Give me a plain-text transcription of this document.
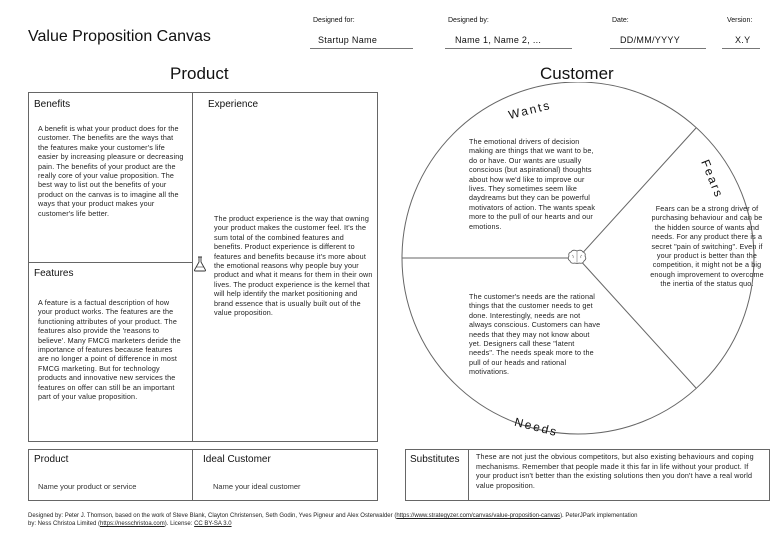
Value Proposition Canvas
Designed for:
Startup Name
Designed by:
Name 1, Name 2, ...
Date:
DD/MM/YYYY
Version:
X.Y
Product	Customer
Benefits
A benefit is what your product does for the customer. The benefits are the ways that the features make your customer's life easier by increasing pleasure or decreasing pain. The benefits of your product are the really core of your value proposition. The best way to list out the benefits of your product on the canvas is to imagine all the ways that your product makes your customer's life better.
Features
A feature is a factual description of how your product works. The features are the functioning attributes of your product. The features also provide the 'reasons to believe'. Many FMCG marketers deride the importance of features because features are no longer a point of difference in most FMCG marketing. But for technology products and innovative new services the features on offer can still be an important part of your value proposition.
Experience
The product experience is the way that owning your product makes the customer feel. It's the sum total of the combined features and benefits. Product experience is different to features and benefits because it's more about the emotional reasons why people buy your product and what it means for them in their own lives. The product experience is the kernel that will help identify the market positioning and brand essence that is usually built out of the value proposition.
Wants
The emotional drivers of decision making are things that we want to be, do or have. Our wants are usually conscious (but aspirational) thoughts about how we'd like to improve our lives. They sometimes seem like daydreams but they can be powerful motivators of action. The wants speak more to the pull of our hearts and our emotions.
Fears
Fears can be a strong driver of purchasing behaviour and can be the hidden source of wants and needs. For any product there is a secret "pain of switching". Even if your product is better than the competition, it might not be a big enough improvement to overcome the inertia of the status quo.
The customer's needs are the rational things that the customer needs to get done. Interestingly, needs are not always conscious. Customers can have needs that they may not know about yet. Designers call these "latent needs". The needs speak more to the pull of our heads and rational motivations.
Needs
Product
Name your product or service
Ideal Customer
Name your ideal customer
Substitutes These are not just the obvious competitors, but also existing behaviours and coping mechanisms. Remember that people made it this far in life without your product. If your product isn't better than the existing solutions then you don't have a real world value proposition.
Designed by: Peter J. Thomson, based on the work of Steve Blank, Clayton Christensen, Seth Godin, Yves Pigneur and Alex Osterwalder (https://www.strategyzer.com/canvas/value-proposition-canvas). PeterJPark implementation
by: Ness Christoa Limited (https://nesschristoa.com). License: CC BY-SA 3.0
